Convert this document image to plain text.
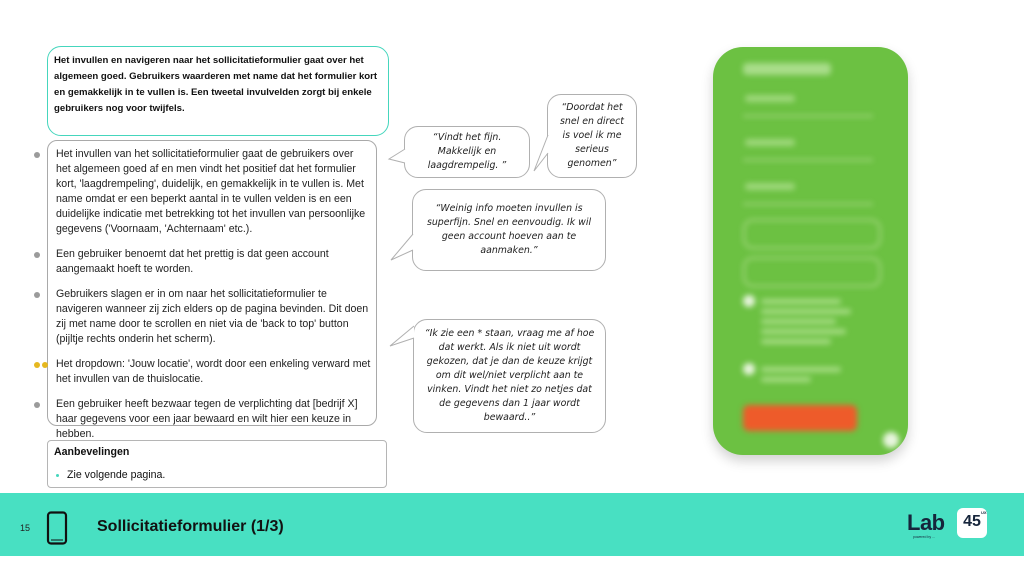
Het invullen en navigeren naar het sollicitatieformulier gaat over het algemeen goed. Gebruikers waarderen met name dat het formulier kort en gemakkelijk in te vullen is. Een tweetal invulvelden zorgt bij enkele gebruikers nog voor twijfels.
Het invullen van het sollicitatieformulier gaat de gebruikers over het algemeen goed af en men vindt het positief dat het formulier kort, 'laagdrempeling', duidelijk, en gemakkelijk in te vullen is. Met name omdat er een beperkt aantal in te vullen velden is en een duidelijke indicatie met betrekking tot het invullen van persoonlijke gegevens ('Voornaam, 'Achternaam' etc.).
Een gebruiker benoemt dat het prettig is dat geen account aangemaakt hoeft te worden.
Gebruikers slagen er in om naar het sollicitatieformulier te navigeren wanneer zij zich elders op de pagina bevinden. Dit doen zij met name door te scrollen en niet via de 'back to top' button (pijltje rechts onderin het scherm).
Het dropdown: 'Jouw locatie', wordt door een enkeling verward met het invullen van de thuislocatie.
Een gebruiker heeft bezwaar tegen de verplichting dat [bedrijf X] haar gegevens voor een jaar bewaard en wilt hier een keuze in hebben.
Aanbevelingen
Zie volgende pagina.
“Vindt het fijn. Makkelijk en laagdrempelig. ”
“Doordat het snel en direct is voel ik me serieus genomen”
“Weinig info moeten invullen is superfijn. Snel en eenvoudig. Ik wil geen account hoeven aan te aanmaken.”
“Ik zie een * staan, vraag me af hoe dat werkt. Als ik niet uit wordt gekozen, dat je dan de keuze krijgt om dit wel/niet verplicht aan te vinken. Vindt het niet zo netjes dat de gegevens dan 1 jaar wordt bewaard..”
15	Sollicitatieformulier (1/3)	Lab	45
UX
powered by ...
